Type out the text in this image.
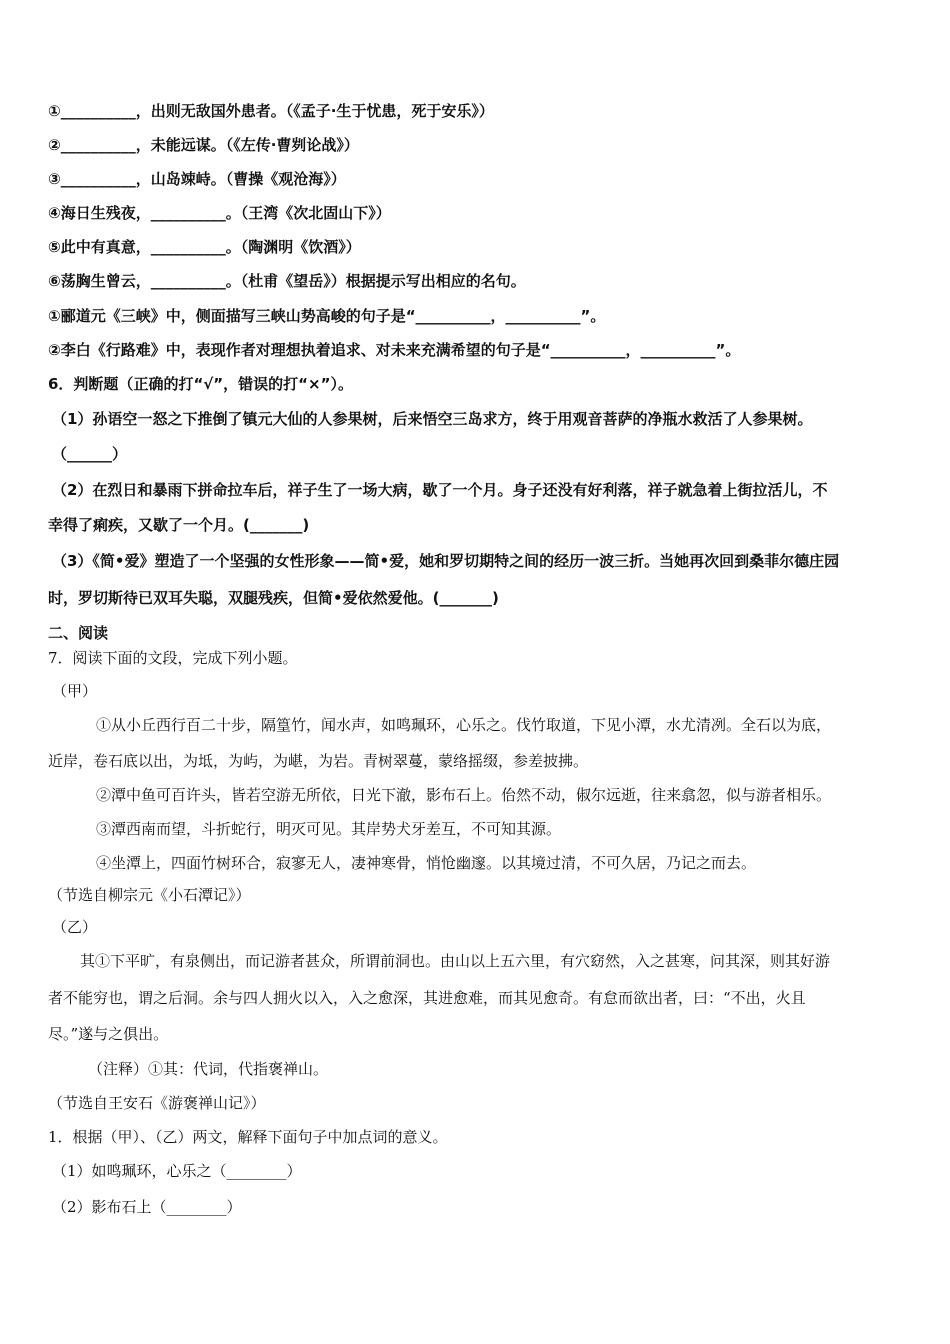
①__________，出则无敌国外患者。（《孟子·生于忧患，死于安乐》）
②__________，未能远谋。（《左传·曹刿论战》）
③__________，山岛竦峙。（曹操《观沧海》）
④海日生残夜，__________。（王湾《次北固山下》）
⑤此中有真意，__________。（陶渊明《饮酒》）
⑥荡胸生曾云，__________。（杜甫《望岳》）根据提示写出相应的名句。
①郦道元《三峡》中，侧面描写三峡山势高峻的句子是“__________，__________”。
②李白《行路难》中，表现作者对理想执着追求、对未来充满希望的句子是“__________，__________”。
6．判断题（正确的打“√”，错误的打“×”）。
（1）孙语空一怒之下推倒了镇元大仙的人参果树，后来悟空三岛求方，终于用观音菩萨的净瓶水救活了人参果树。
（______）
（2）在烈日和暴雨下拼命拉车后，祥子生了一场大病，歇了一个月。身子还没有好利落，祥子就急着上街拉活儿，不
幸得了痢疾，又歇了一个月。(_______)
（3）《简•爱》塑造了一个坚强的女性形象——简•爱，她和罗切期特之间的经历一波三折。当她再次回到桑菲尔德庄园
时，罗切斯待已双耳失聪，双腿残疾，但简•爱依然爱他。(_______)
二、阅读
7．阅读下面的文段，完成下列小题。
（甲）
①从小丘西行百二十步，隔篁竹，闻水声，如鸣珮环，心乐之。伐竹取道，下见小潭，水尤清冽。全石以为底，
近岸，卷石底以出，为坻，为屿，为嵁，为岩。青树翠蔓，蒙络摇缀，参差披拂。
②潭中鱼可百许头，皆若空游无所依，日光下澈，影布石上。佁然不动，俶尔远逝，往来翕忽，似与游者相乐。
③潭西南而望，斗折蛇行，明灭可见。其岸势犬牙差互，不可知其源。
④坐潭上，四面竹树环合，寂寥无人，凄神寒骨，悄怆幽邃。以其境过清，不可久居，乃记之而去。
（节选自柳宗元《小石潭记》）
（乙）
其①下平旷，有泉侧出，而记游者甚众，所谓前洞也。由山以上五六里，有穴窈然，入之甚寒，问其深，则其好游
者不能穷也，谓之后洞。余与四人拥火以入，入之愈深，其进愈难，而其见愈奇。有怠而欲出者，曰：“不出，火且
尽。”遂与之俱出。
（注释）①其：代词，代指褒禅山。
（节选自王安石《游褒禅山记》）
1．根据（甲）、（乙）两文，解释下面句子中加点词的意义。
（1）如鸣珮环，心乐之（________）
（2）影布石上（________）
